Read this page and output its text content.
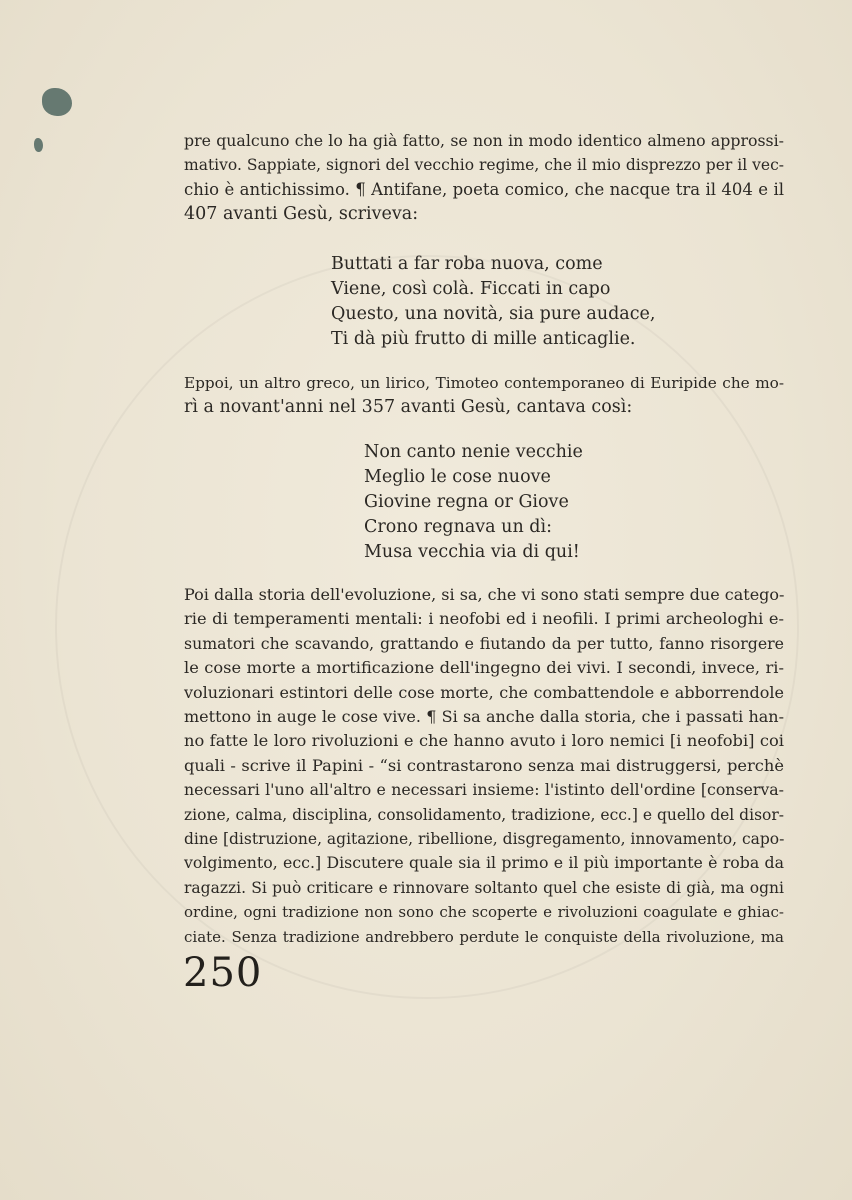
pre qualcuno che lo ha già fatto, se non in modo identico almeno approssi-
mativo. Sappiate, signori del vecchio regime, che il mio disprezzo per il vec-
chio è antichissimo. ¶ Antifane, poeta comico, che nacque tra il 404 e il
407 avanti Gesù, scriveva:

Buttati a far roba nuova, come
Viene, così colà. Ficcati in capo
Questo, una novità, sia pure audace,
Ti dà più frutto di mille anticaglie.

Eppoi, un altro greco, un lirico, Timoteo contemporaneo di Euripide che mo-
rì a novant'anni nel 357 avanti Gesù, cantava così:

Non canto nenie vecchie
Meglio le cose nuove
Giovine regna or Giove
Crono regnava un dì:
Musa vecchia via di qui!

Poi dalla storia dell'evoluzione, si sa, che vi sono stati sempre due catego-
rie di temperamenti mentali: i neofobi ed i neofili. I primi archeologhi e-
sumatori che scavando, grattando e fiutando da per tutto, fanno risorgere
le cose morte a mortificazione dell'ingegno dei vivi. I secondi, invece, ri-
voluzionari estintori delle cose morte, che combattendole e abborrendole
mettono in auge le cose vive. ¶ Si sa anche dalla storia, che i passati han-
no fatte le loro rivoluzioni e che hanno avuto i loro nemici [i neofobi] coi
quali - scrive il Papini - “si contrastarono senza mai distruggersi, perchè
necessari l'uno all'altro e necessari insieme: l'istinto dell'ordine [conserva-
zione, calma, disciplina, consolidamento, tradizione, ecc.] e quello del disor-
dine [distruzione, agitazione, ribellione, disgregamento, innovamento, capo-
volgimento, ecc.] Discutere quale sia il primo e il più importante è roba da
ragazzi. Si può criticare e rinnovare soltanto quel che esiste di già, ma ogni
ordine, ogni tradizione non sono che scoperte e rivoluzioni coagulate e ghiac-
ciate. Senza tradizione andrebbero perdute le conquiste della rivoluzione, ma

250
